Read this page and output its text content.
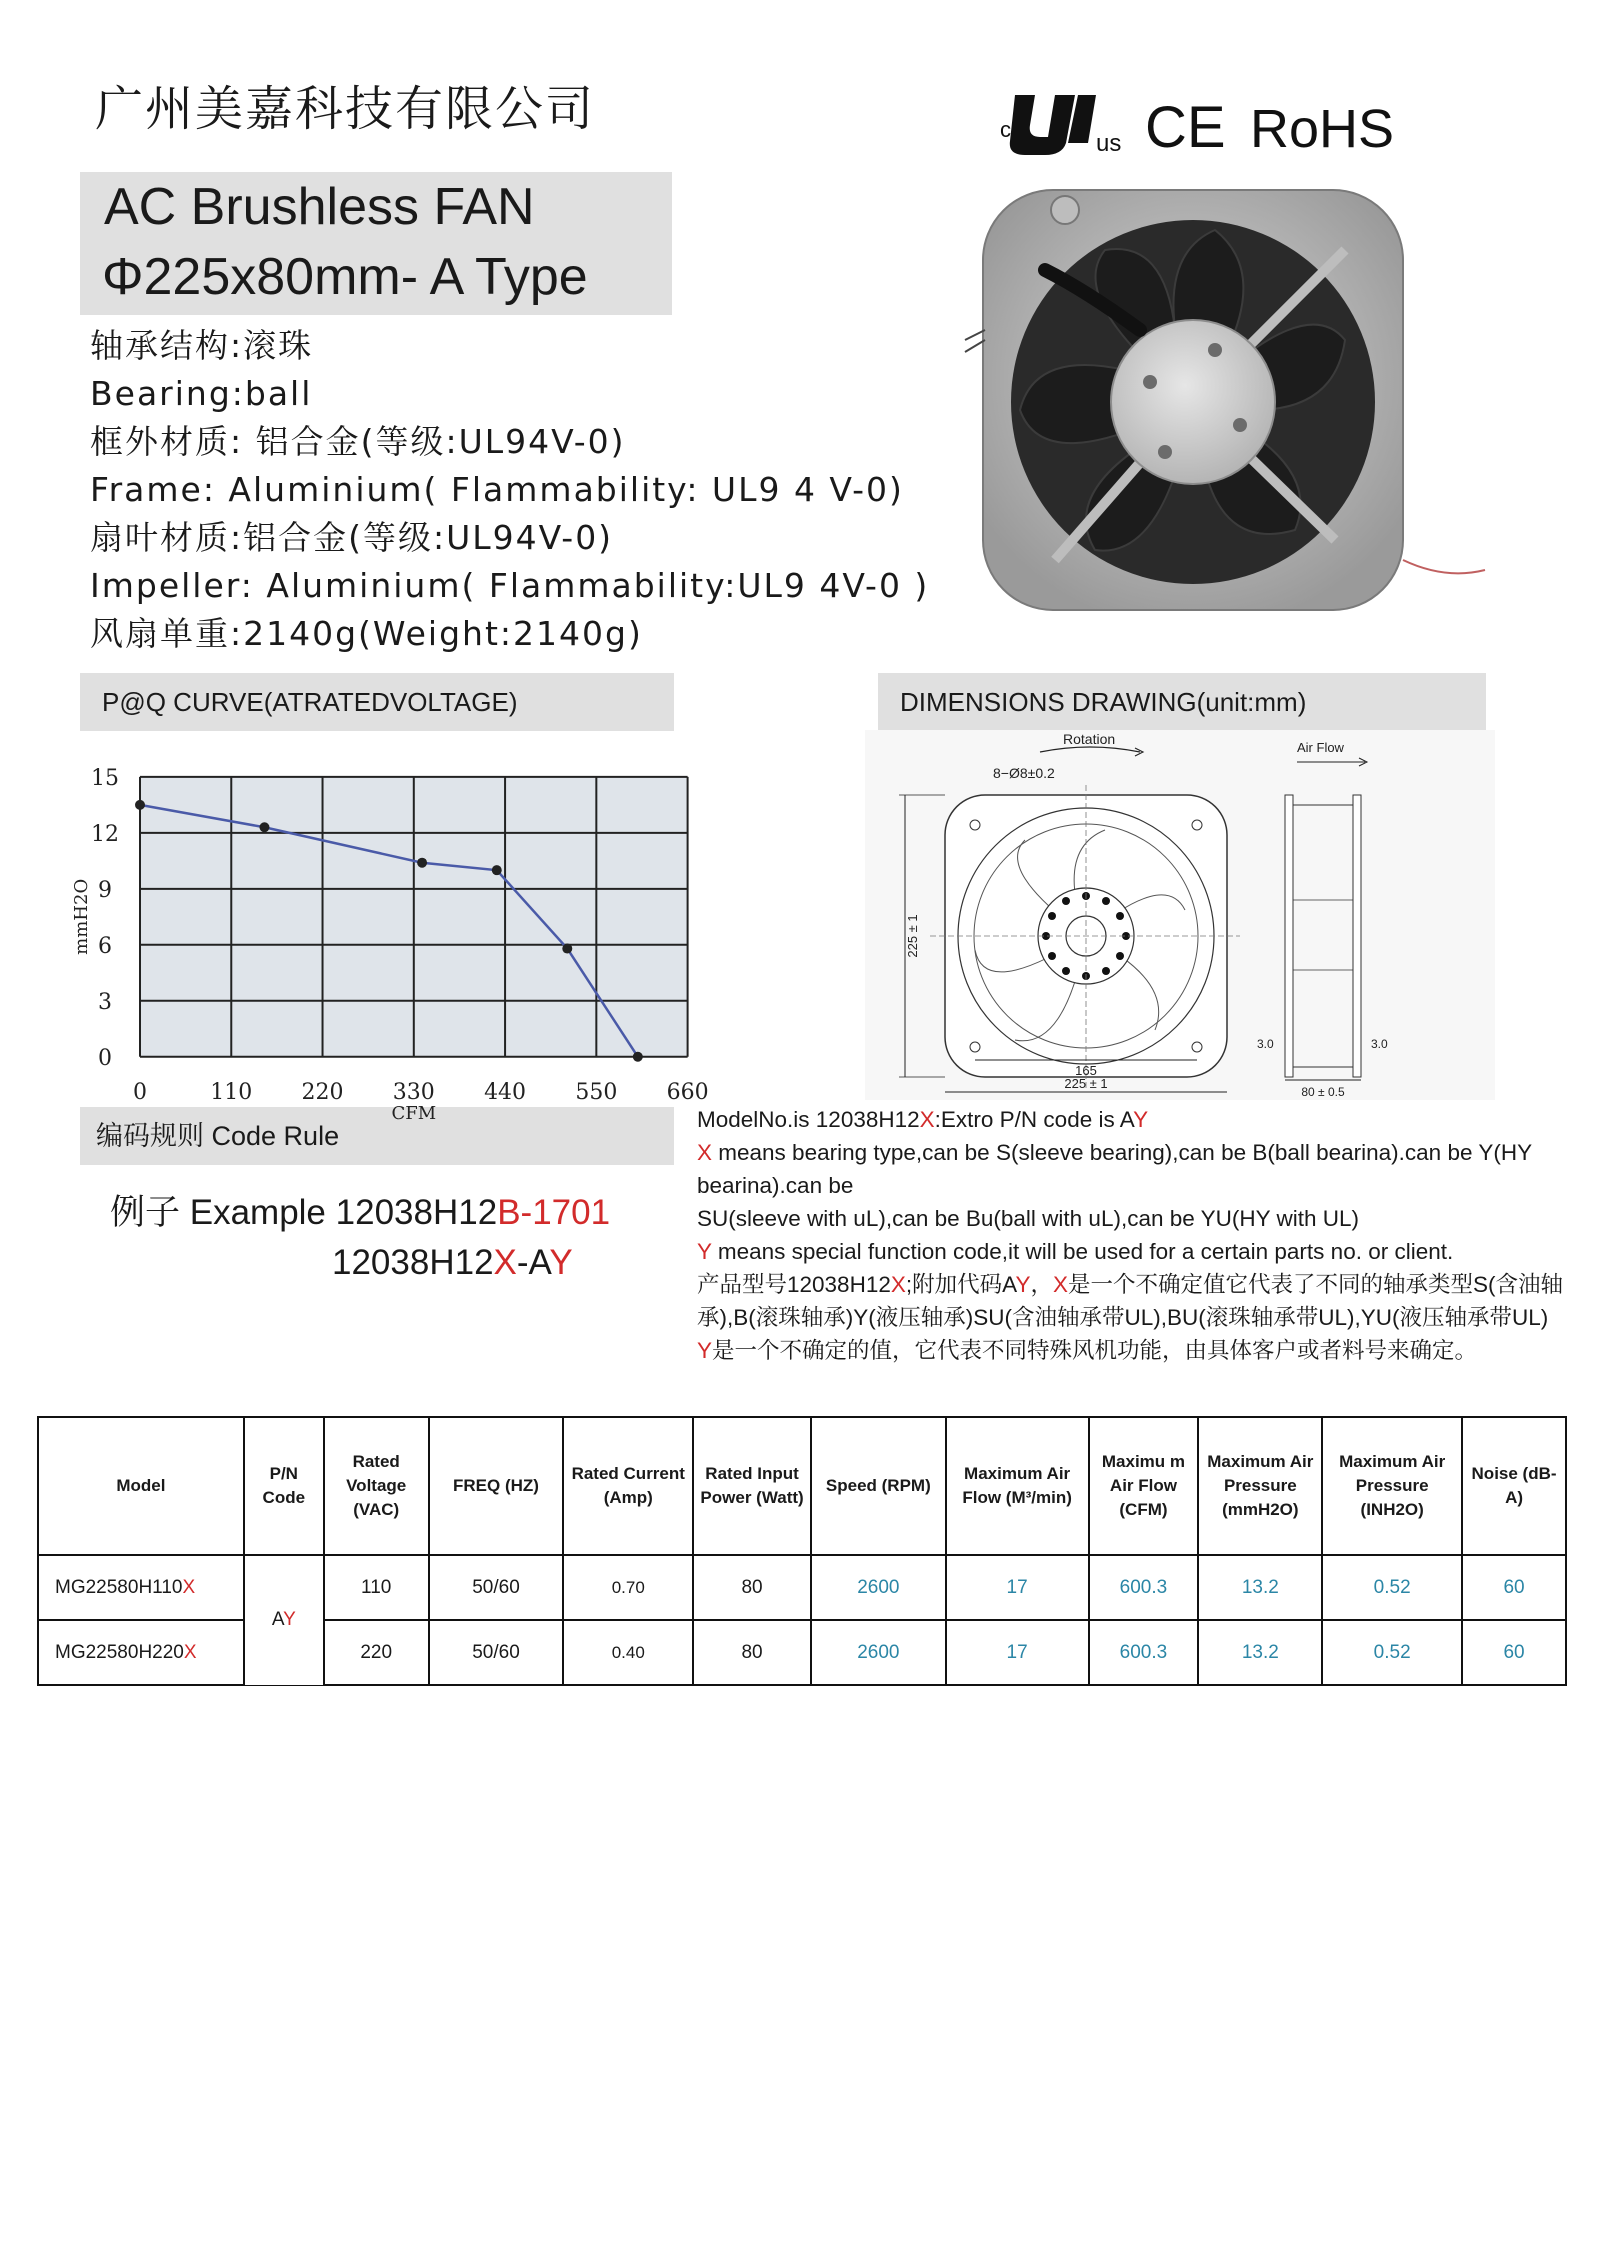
广州美嘉科技有限公司
AC Brushless FAN
Φ225x80mm- A Type
轴承结构:滚珠
Bearing:ball
框外材质: 铝合金(等级:UL94V-0)
Frame: Aluminium( Flammability: UL9 4 V-0)
扇叶材质:铝合金(等级:UL94V-0)
Impeller: Aluminium( Flammability:UL9 4V-0 )
风扇单重:2140g(Weight:2140g)
c
us CE RoHS
P@Q CURVE(ATRATEDVOLTAGE)	DIMENSIONS DRAWING(unit:mm)
编码规则 Code Rule
0	110 220 330 440 550 660
0
3
6
9
12
15
mmH2O
CFM
Rotation
8−Ø8±0.2
225 ± 1
165
225 ± 1
Air Flow
3.0	3.0
80 ± 0.5
例子 Example 12038H12B-1701
12038H12X-AY
ModelNo.is 12038H12X:Extro P/N code is AY
X means bearing type,can be S(sleeve bearing),can be B(ball bearina).can be Y(HY bearina).can be
SU(sleeve with uL),can be Bu(ball with uL),can be YU(HY with UL)
Y means special function code,it will be used for a certain parts no. or client.
产品型号12038H12X;附加代码AY，X是一个不确定值它代表了不同的轴承类型S(含油轴承),B(滚珠轴承)Y(液压轴承)SU(含油轴承带UL),BU(滚珠轴承带UL),YU(液压轴承带UL)
Y是一个不确定的值，它代表不同特殊风机功能，由具体客户或者料号来确定。
Model	P/N Code	Rated Voltage (VAC)	FREQ (HZ)	Rated Current (Amp)	Rated Input Power (Watt)	Speed (RPM)	Maximum Air Flow (M³/min)	Maximu m Air Flow (CFM)	Maximum Air Pressure (mmH2O)	Maximum Air Pressure (INH2O)	Noise (dB-A)
MG22580H110X	AY	110	50/60	0.70	80	2600	17	600.3	13.2	0.52	60
MG22580H220X		220	50/60	0.40	80	2600	17	600.3	13.2	0.52	60
